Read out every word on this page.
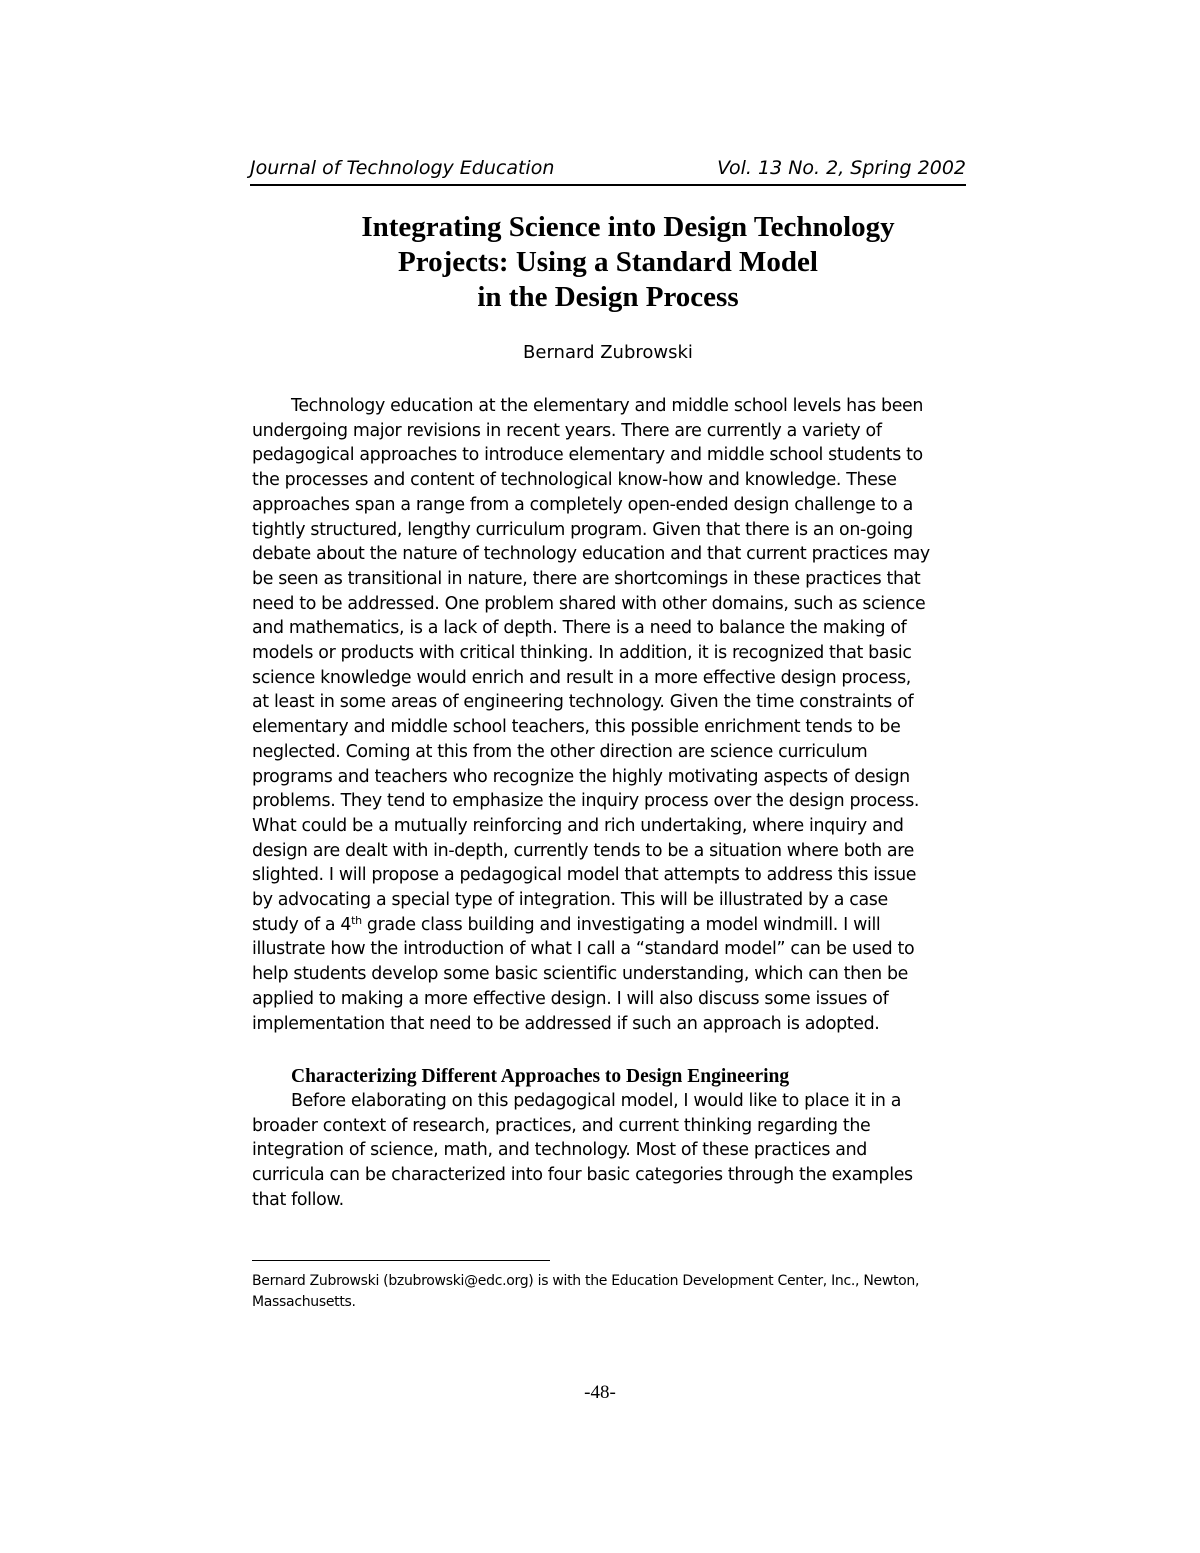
Journal of Technology Education	Vol. 13 No. 2, Spring 2002
Integrating Science into Design Technology
Projects: Using a Standard Model
in the Design Process
Bernard Zubrowski
Technology education at the elementary and middle school levels has been
undergoing major revisions in recent years. There are currently a variety of
pedagogical approaches to introduce elementary and middle school students to
the processes and content of technological know-how and knowledge. These
approaches span a range from a completely open-ended design challenge to a
tightly structured, lengthy curriculum program. Given that there is an on-going
debate about the nature of technology education and that current practices may
be seen as transitional in nature, there are shortcomings in these practices that
need to be addressed. One problem shared with other domains, such as science
and mathematics, is a lack of depth. There is a need to balance the making of
models or products with critical thinking. In addition, it is recognized that basic
science knowledge would enrich and result in a more effective design process,
at least in some areas of engineering technology. Given the time constraints of
elementary and middle school teachers, this possible enrichment tends to be
neglected. Coming at this from the other direction are science curriculum
programs and teachers who recognize the highly motivating aspects of design
problems. They tend to emphasize the inquiry process over the design process.
What could be a mutually reinforcing and rich undertaking, where inquiry and
design are dealt with in-depth, currently tends to be a situation where both are
slighted. I will propose a pedagogical model that attempts to address this issue
by advocating a special type of integration. This will be illustrated by a case
study of a 4th grade class building and investigating a model windmill. I will
illustrate how the introduction of what I call a “standard model” can be used to
help students develop some basic scientific understanding, which can then be
applied to making a more effective design. I will also discuss some issues of
implementation that need to be addressed if such an approach is adopted.
Characterizing Different Approaches to Design Engineering
Before elaborating on this pedagogical model, I would like to place it in a
broader context of research, practices, and current thinking regarding the
integration of science, math, and technology. Most of these practices and
curricula can be characterized into four basic categories through the examples
that follow.
Bernard Zubrowski (bzubrowski@edc.org) is with the Education Development Center, Inc., Newton,
Massachusetts.
-48-
